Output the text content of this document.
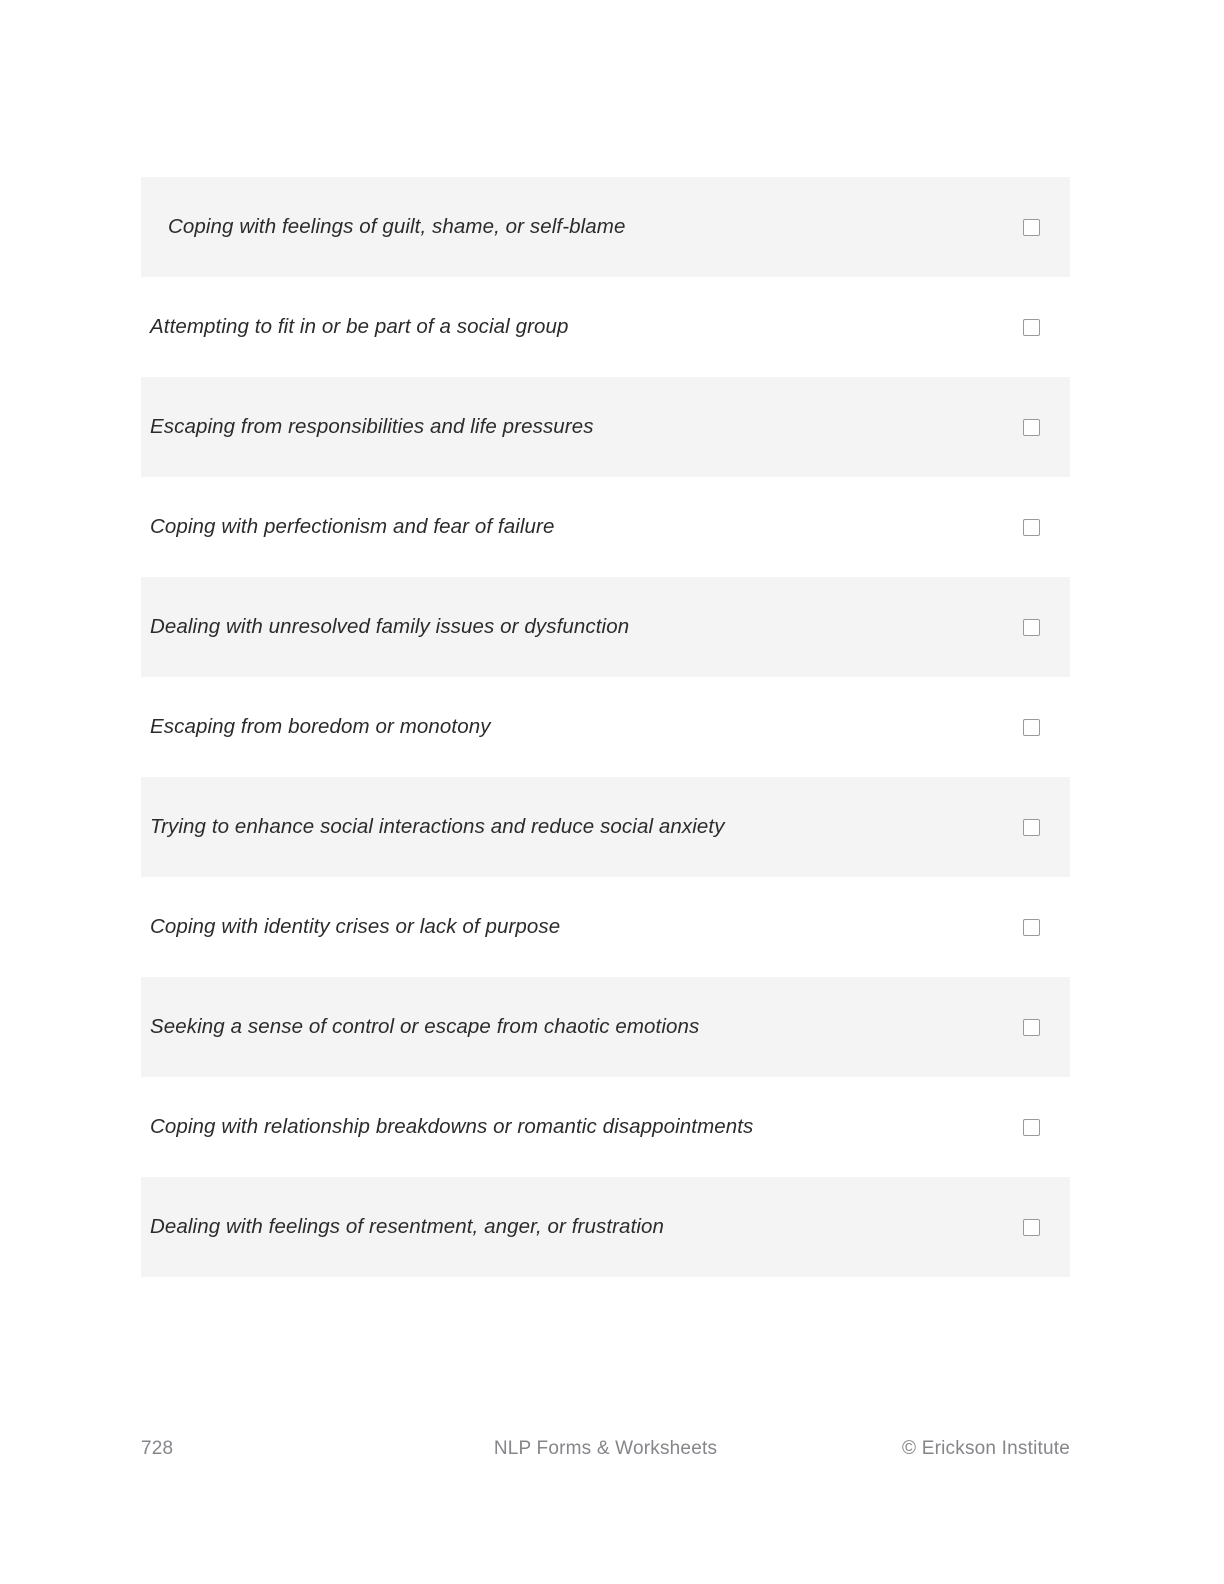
Coping with feelings of guilt, shame, or self-blame
Attempting to fit in or be part of a social group
Escaping from responsibilities and life pressures
Coping with perfectionism and fear of failure
Dealing with unresolved family issues or dysfunction
Escaping from boredom or monotony
Trying to enhance social interactions and reduce social anxiety
Coping with identity crises or lack of purpose
Seeking a sense of control or escape from chaotic emotions
Coping with relationship breakdowns or romantic disappointments
Dealing with feelings of resentment, anger, or frustration
728	NLP Forms & Worksheets	© Erickson Institute
